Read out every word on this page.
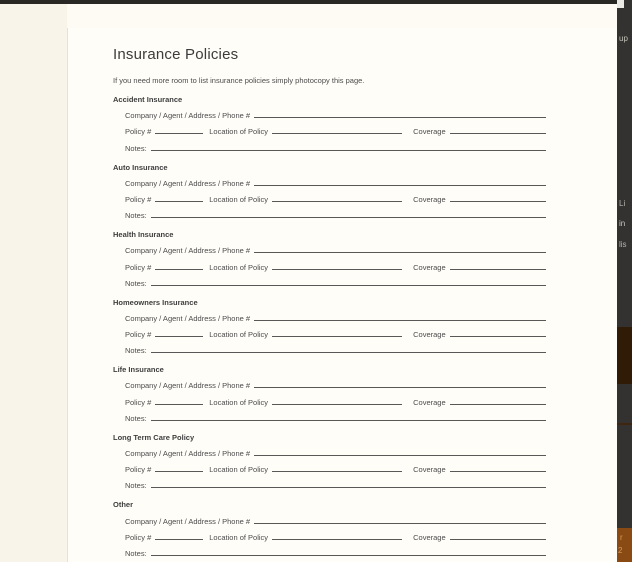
Insurance Policies
If you need more room to list insurance policies simply photocopy this page.
Accident Insurance
Company / Agent / Address / Phone #
Policy #	Location of Policy	Coverage
Notes:
Auto Insurance
Company / Agent / Address / Phone #
Policy #	Location of Policy	Coverage
Notes:
Health Insurance
Company / Agent / Address / Phone #
Policy #	Location of Policy	Coverage
Notes:
Homeowners Insurance
Company / Agent / Address / Phone #
Policy #	Location of Policy	Coverage
Notes:
Life Insurance
Company / Agent / Address / Phone #
Policy #	Location of Policy	Coverage
Notes:
Long Term Care Policy
Company / Agent / Address / Phone #
Policy #	Location of Policy	Coverage
Notes:
Other
Company / Agent / Address / Phone #
Policy #	Location of Policy	Coverage
Notes:
up
Li
in
lis
r
2
